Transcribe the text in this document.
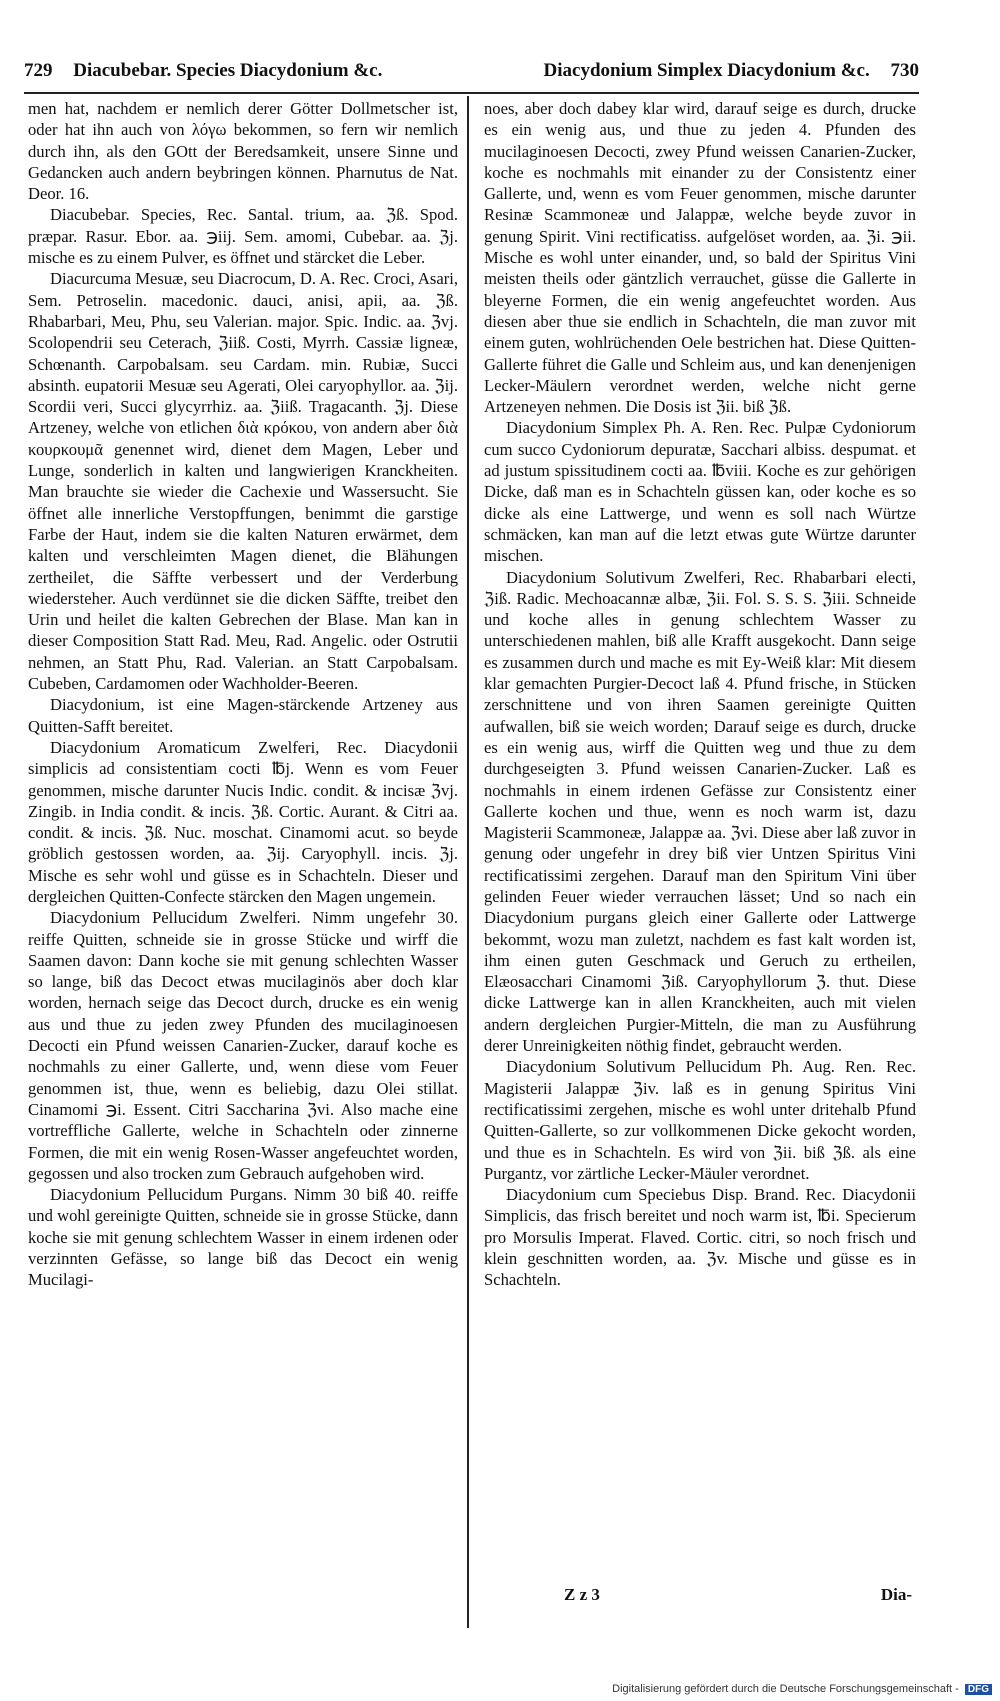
729 Diacubebar. Species Diacydonium &c.	Diacydonium Simplex Diacydonium &c. 730

men hat, nachdem er nemlich derer Götter Dollmetscher ist, oder hat ihn auch von λόγω bekommen, so fern wir nemlich durch ihn, als den GOtt der Beredsamkeit, unsere Sinne und Gedancken auch andern beybringen können. Pharnutus de Nat. Deor. 16.

Diacubebar. Species, Rec. Santal. trium, aa. ℨß. Spod. præpar. Rasur. Ebor. aa. ℈iij. Sem. amomi, Cubebar. aa. ℨj. mische es zu einem Pulver, es öffnet und stärcket die Leber.

Diacurcuma Mesuæ, seu Diacrocum, D. A. Rec. Croci, Asari, Sem. Petroselin. macedonic. dauci, anisi, apii, aa. ℨß. Rhabarbari, Meu, Phu, seu Valerian. major. Spic. Indic. aa. ℨvj. Scolopendrii seu Ceterach, ℨiiß. Costi, Myrrh. Cassiæ ligneæ, Schœnanth. Carpobalsam. seu Cardam. min. Rubiæ, Succi absinth. eupatorii Mesuæ seu Agerati, Olei caryophyllor. aa. ℨij. Scordii veri, Succi glycyrrhiz. aa. ℨiiß. Tragacanth. ℨj. Diese Artzeney, welche von etlichen διὰ κρόκου, von andern aber διὰ κουρκουμᾶ genennet wird, dienet dem Magen, Leber und Lunge, sonderlich in kalten und langwierigen Kranckheiten. Man brauchte sie wieder die Cachexie und Wassersucht. Sie öffnet alle innerliche Verstopffungen, benimmt die garstige Farbe der Haut, indem sie die kalten Naturen erwärmet, dem kalten und verschleimten Magen dienet, die Blähungen zertheilet, die Säffte verbessert und der Verderbung wiedersteher. Auch verdünnet sie die dicken Säffte, treibet den Urin und heilet die kalten Gebrechen der Blase. Man kan in dieser Composition Statt Rad. Meu, Rad. Angelic. oder Ostrutii nehmen, an Statt Phu, Rad. Valerian. an Statt Carpobalsam. Cubeben, Cardamomen oder Wachholder-Beeren.

Diacydonium, ist eine Magen-stärckende Artzeney aus Quitten-Safft bereitet.

Diacydonium Aromaticum Zwelferi, Rec. Diacydonii simplicis ad consistentiam cocti ℔j. Wenn es vom Feuer genommen, mische darunter Nucis Indic. condit. & incisæ ℨvj. Zingib. in India condit. & incis. ℨß. Cortic. Aurant. & Citri aa. condit. & incis. ℨß. Nuc. moschat. Cinamomi acut. so beyde gröblich gestossen worden, aa. ℨij. Caryophyll. incis. ℨj. Mische es sehr wohl und güsse es in Schachteln. Dieser und dergleichen Quitten-Confecte stärcken den Magen ungemein.

Diacydonium Pellucidum Zwelferi. Nimm ungefehr 30. reiffe Quitten, schneide sie in grosse Stücke und wirff die Saamen davon: Dann koche sie mit genung schlechten Wasser so lange, biß das Decoct etwas mucilaginös aber doch klar worden, hernach seige das Decoct durch, drucke es ein wenig aus und thue zu jeden zwey Pfunden des mucilaginoesen Decocti ein Pfund weissen Canarien-Zucker, darauf koche es nochmahls zu einer Gallerte, und, wenn diese vom Feuer genommen ist, thue, wenn es beliebig, dazu Olei stillat. Cinamomi ℈i. Essent. Citri Saccharina ℨvi. Also mache eine vortreffliche Gallerte, welche in Schachteln oder zinnerne Formen, die mit ein wenig Rosen-Wasser angefeuchtet worden, gegossen und also trocken zum Gebrauch aufgehoben wird.

Diacydonium Pellucidum Purgans. Nimm 30 biß 40. reiffe und wohl gereinigte Quitten, schneide sie in grosse Stücke, dann koche sie mit genung schlechtem Wasser in einem irdenen oder verzinnten Gefässe, so lange biß das Decoct ein wenig Mucilagi-

noes, aber doch dabey klar wird, darauf seige es durch, drucke es ein wenig aus, und thue zu jeden 4. Pfunden des mucilaginoesen Decocti, zwey Pfund weissen Canarien-Zucker, koche es nochmahls mit einander zu der Consistentz einer Gallerte, und, wenn es vom Feuer genommen, mische darunter Resinæ Scammoneæ und Jalappæ, welche beyde zuvor in genung Spirit. Vini rectificatiss. aufgelöset worden, aa. ℨi. ℈ii. Mische es wohl unter einander, und, so bald der Spiritus Vini meisten theils oder gäntzlich verrauchet, güsse die Gallerte in bleyerne Formen, die ein wenig angefeuchtet worden. Aus diesen aber thue sie endlich in Schachteln, die man zuvor mit einem guten, wohlrüchenden Oele bestrichen hat. Diese Quitten-Gallerte führet die Galle und Schleim aus, und kan denenjenigen Lecker-Mäulern verordnet werden, welche nicht gerne Artzeneyen nehmen. Die Dosis ist ℨii. biß ℨß.

Diacydonium Simplex Ph. A. Ren. Rec. Pulpæ Cydoniorum cum succo Cydoniorum depuratæ, Sacchari albiss. despumat. et ad justum spissitudinem cocti aa. ℔viii. Koche es zur gehörigen Dicke, daß man es in Schachteln güssen kan, oder koche es so dicke als eine Lattwerge, und wenn es soll nach Würtze schmäcken, kan man auf die letzt etwas gute Würtze darunter mischen.

Diacydonium Solutivum Zwelferi, Rec. Rhabarbari electi, ℨiß. Radic. Mechoacannæ albæ, ℨii. Fol. S. S. S. ℨiii. Schneide und koche alles in genung schlechtem Wasser zu unterschiedenen mahlen, biß alle Krafft ausgekocht. Dann seige es zusammen durch und mache es mit Ey-Weiß klar: Mit diesem klar gemachten Purgier-Decoct laß 4. Pfund frische, in Stücken zerschnittene und von ihren Saamen gereinigte Quitten aufwallen, biß sie weich worden; Darauf seige es durch, drucke es ein wenig aus, wirff die Quitten weg und thue zu dem durchgeseigten 3. Pfund weissen Canarien-Zucker. Laß es nochmahls in einem irdenen Gefässe zur Consistentz einer Gallerte kochen und thue, wenn es noch warm ist, dazu Magisterii Scammoneæ, Jalappæ aa. ℨvi. Diese aber laß zuvor in genung oder ungefehr in drey biß vier Untzen Spiritus Vini rectificatissimi zergehen. Darauf man den Spiritum Vini über gelinden Feuer wieder verrauchen lässet; Und so nach ein Diacydonium purgans gleich einer Gallerte oder Lattwerge bekommt, wozu man zuletzt, nachdem es fast kalt worden ist, ihm einen guten Geschmack und Geruch zu ertheilen, Elæosacchari Cinamomi ℨiß. Caryophyllorum ℨ. thut. Diese dicke Lattwerge kan in allen Kranckheiten, auch mit vielen andern dergleichen Purgier-Mitteln, die man zu Ausführung derer Unreinigkeiten nöthig findet, gebraucht werden.

Diacydonium Solutivum Pellucidum Ph. Aug. Ren. Rec. Magisterii Jalappæ ℨiv. laß es in genung Spiritus Vini rectificatissimi zergehen, mische es wohl unter dritehalb Pfund Quitten-Gallerte, so zur vollkommenen Dicke gekocht worden, und thue es in Schachteln. Es wird von ℨii. biß ℨß. als eine Purgantz, vor zärtliche Lecker-Mäuler verordnet.

Diacydonium cum Speciebus Disp. Brand. Rec. Diacydonii Simplicis, das frisch bereitet und noch warm ist, ℔i. Specierum pro Morsulis Imperat. Flaved. Cortic. citri, so noch frisch und klein geschnitten worden, aa. ℨv. Mische und güsse es in Schachteln.

Z z 3	Dia-
Digitalisierung gefördert durch die Deutsche Forschungsgemeinschaft - DFG
